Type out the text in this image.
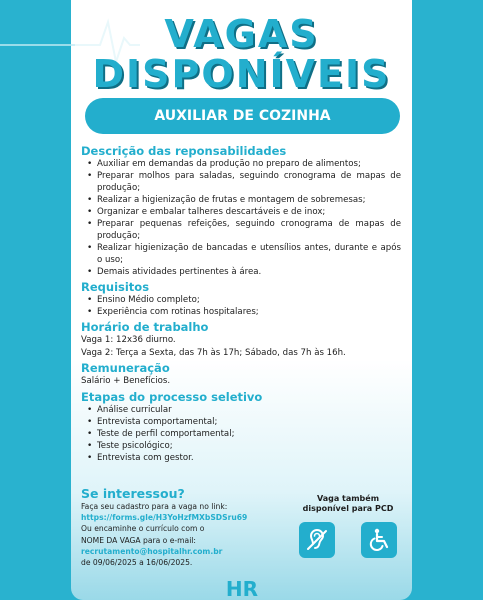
VAGAS
DISPONÍVEIS
AUXILIAR DE COZINHA
Descrição das reponsabilidades
• Auxiliar em demandas da produção no preparo de alimentos;
• Preparar molhos para saladas, seguindo cronograma de mapas de produção;
• Realizar a higienização de frutas e montagem de sobremesas;
• Organizar e embalar talheres descartáveis e de inox;
• Preparar pequenas refeições, seguindo cronograma de mapas de produção;
• Realizar higienização de bancadas e utensílios antes, durante e após o uso;
• Demais atividades pertinentes à área.
Requisitos
• Ensino Médio completo;
• Experiência com rotinas hospitalares;
Horário de trabalho
Vaga 1: 12x36 diurno.
Vaga 2: Terça a Sexta, das 7h às 17h; Sábado, das 7h às 16h.
Remuneração
Salário + Benefícios.
Etapas do processo seletivo
• Análise curricular
• Entrevista comportamental;
• Teste de perfil comportamental;
• Teste psicológico;
• Entrevista com gestor.
Se interessou?
Faça seu cadastro para a vaga no link:
https://forms.gle/H3YoHzfMXbSDSru69
Ou encaminhe o currículo com o
NOME DA VAGA para o e-mail:
recrutamento@hospitalhr.com.br
de 09/06/2025 a 16/06/2025.
Vaga também
disponível para PCD
HR
